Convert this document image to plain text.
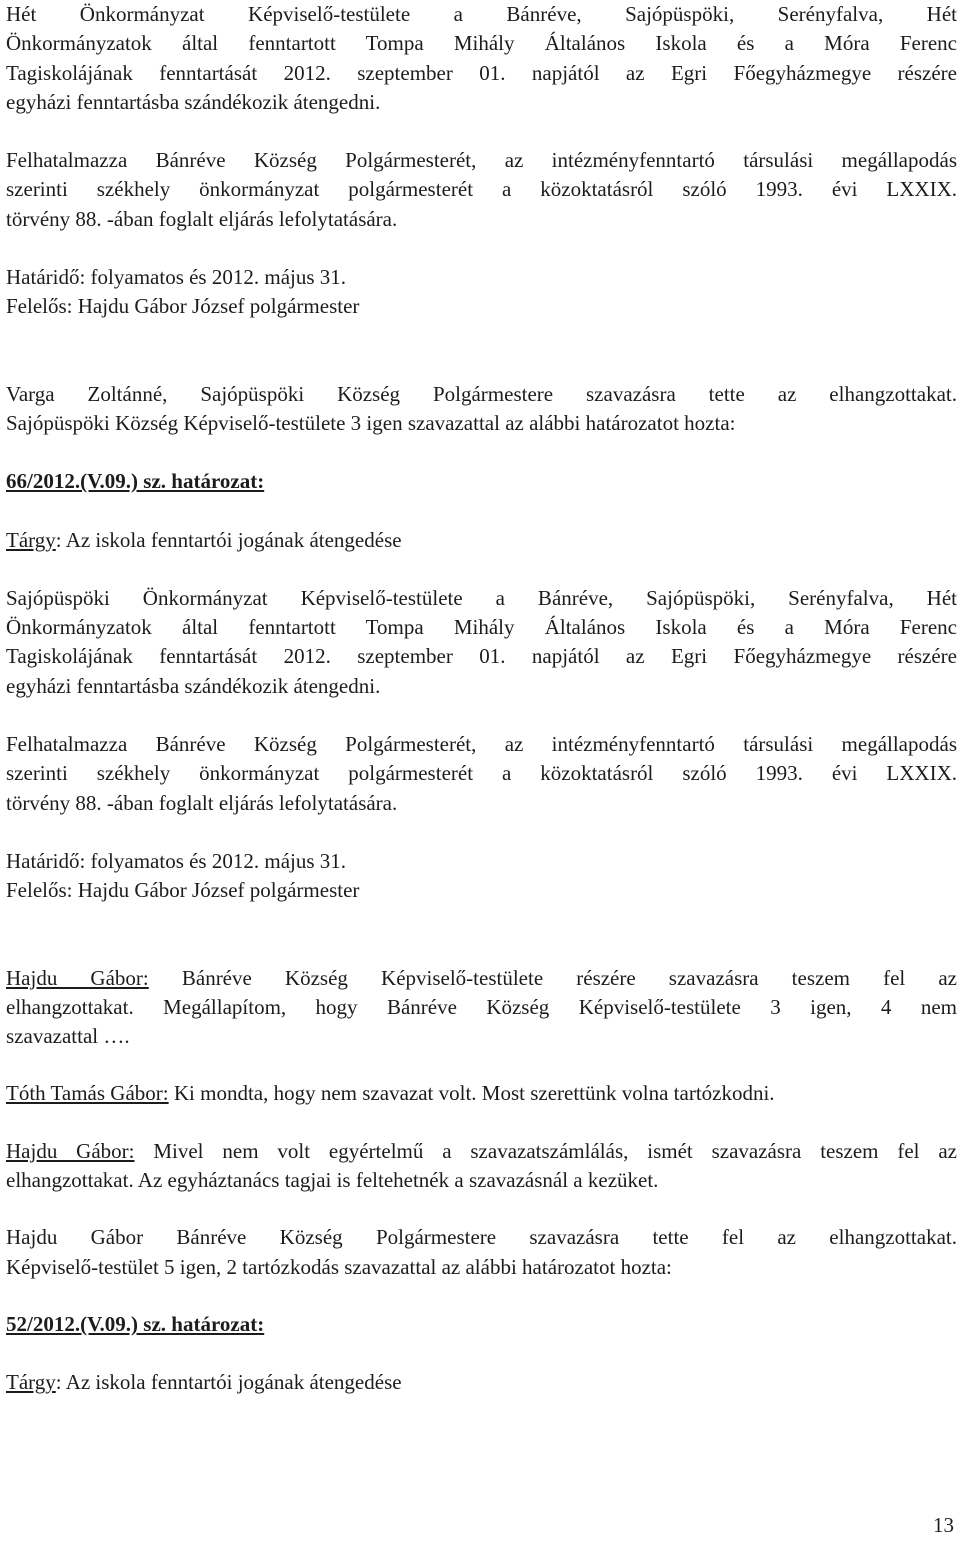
Hét Önkormányzat Képviselő-testülete a Bánréve, Sajópüspöki, Serényfalva, Hét

Önkormányzatok által fenntartott Tompa Mihály Általános Iskola és a Móra Ferenc

Tagiskolájának fenntartását 2012. szeptember 01. napjától az Egri Főegyházmegye részére

egyházi fenntartásba szándékozik átengedni.

Felhatalmazza Bánréve Község Polgármesterét, az intézményfenntartó társulási megállapodás

szerinti székhely önkormányzat polgármesterét a közoktatásról szóló 1993. évi LXXIX.

törvény 88. -ában foglalt eljárás lefolytatására.

Határidő: folyamatos és 2012. május 31.

Felelős: Hajdu Gábor József polgármester

Varga Zoltánné, Sajópüspöki Község Polgármestere szavazásra tette az elhangzottakat.

Sajópüspöki Község Képviselő-testülete 3 igen szavazattal az alábbi határozatot hozta:

66/2012.(V.09.) sz. határozat:

Tárgy: Az iskola fenntartói jogának átengedése

Sajópüspöki Önkormányzat Képviselő-testülete a Bánréve, Sajópüspöki, Serényfalva, Hét

Önkormányzatok által fenntartott Tompa Mihály Általános Iskola és a Móra Ferenc

Tagiskolájának fenntartását 2012. szeptember 01. napjától az Egri Főegyházmegye részére

egyházi fenntartásba szándékozik átengedni.

Felhatalmazza Bánréve Község Polgármesterét, az intézményfenntartó társulási megállapodás

szerinti székhely önkormányzat polgármesterét a közoktatásról szóló 1993. évi LXXIX.

törvény 88. -ában foglalt eljárás lefolytatására.

Határidő: folyamatos és 2012. május 31.

Felelős: Hajdu Gábor József polgármester

Hajdu Gábor: Bánréve Község Képviselő-testülete részére szavazásra teszem fel az

elhangzottakat. Megállapítom, hogy Bánréve Község Képviselő-testülete 3 igen, 4 nem

szavazattal ….

Tóth Tamás Gábor: Ki mondta, hogy nem szavazat volt. Most szerettünk volna tartózkodni.

Hajdu Gábor: Mivel nem volt egyértelmű a szavazatszámlálás, ismét szavazásra teszem fel az

elhangzottakat. Az egyháztanács tagjai is feltehetnék a szavazásnál a kezüket.

Hajdu Gábor Bánréve Község Polgármestere szavazásra tette fel az elhangzottakat.

Képviselő-testület 5 igen, 2 tartózkodás szavazattal az alábbi határozatot hozta:

52/2012.(V.09.) sz. határozat:

Tárgy: Az iskola fenntartói jogának átengedése

13
